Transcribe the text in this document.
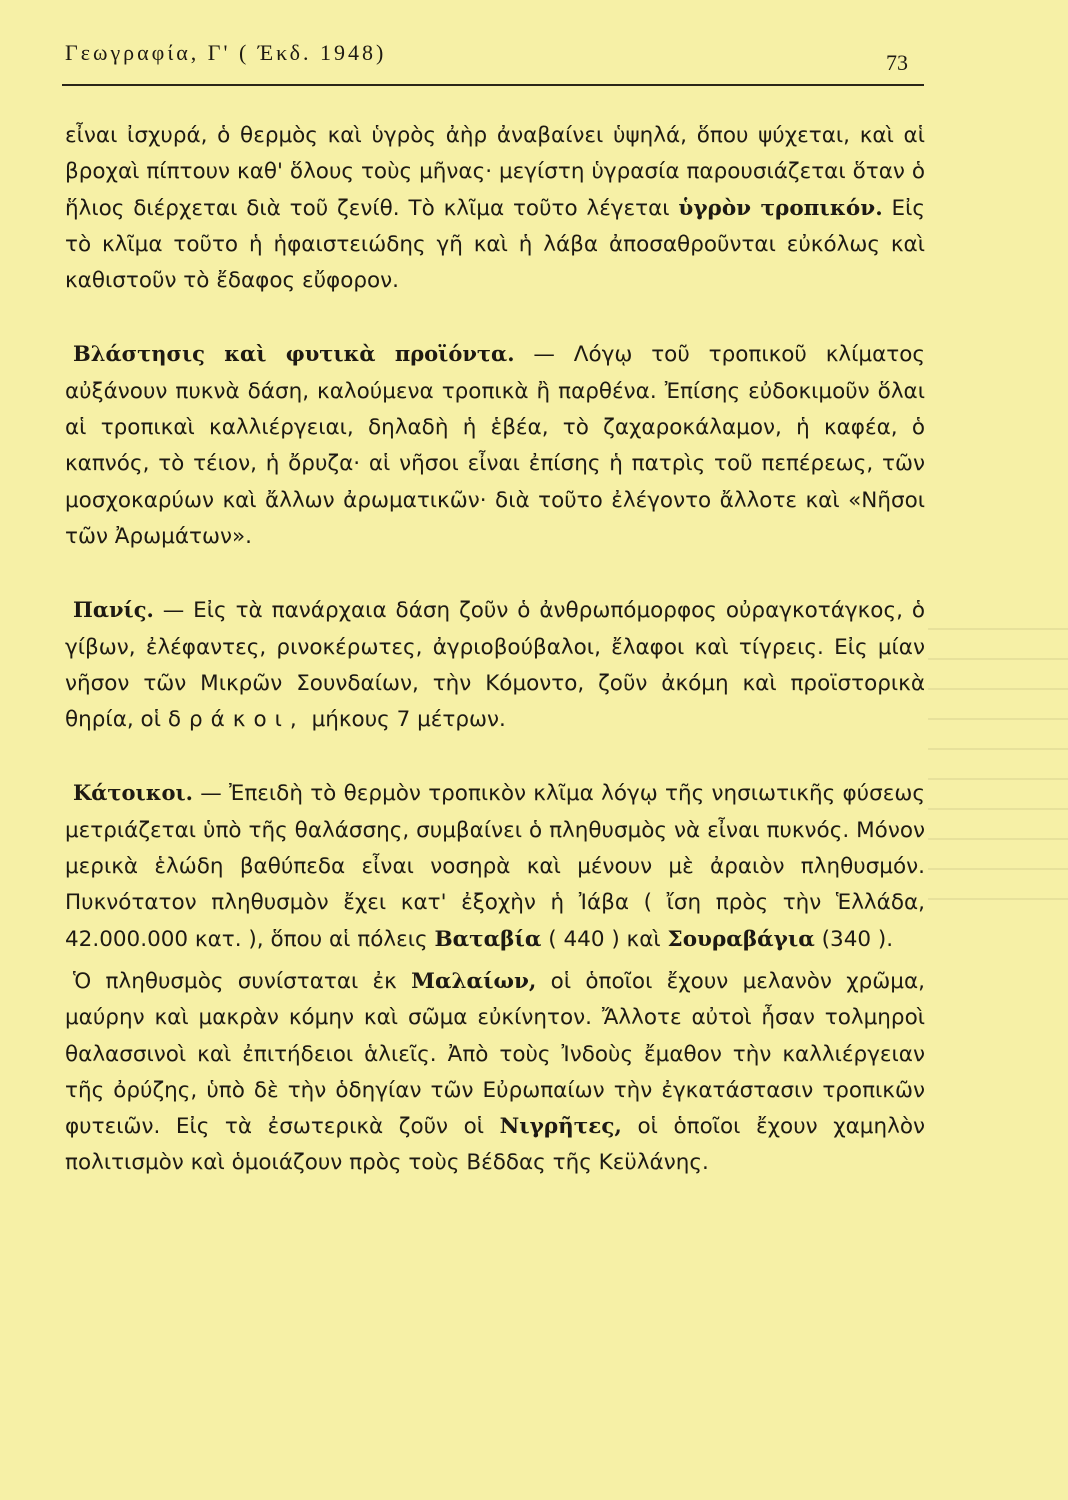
Γεωγραφία, Γ' ( Έκδ. 1948)	73

εἶναι ἰσχυρά, ὁ θερμὸς καὶ ὑγρὸς ἀὴρ ἀναβαίνει ὑψηλά, ὅπου ψύχεται, καὶ αἱ βροχαὶ πίπτουν καθ' ὅλους τοὺς μῆνας· μεγίστη ὑγρασία παρουσιάζεται ὅταν ὁ ἥλιος διέρχεται διὰ τοῦ ζενίθ. Τὸ κλῖμα τοῦτο λέγεται ὑγρὸν τροπικόν. Εἰς τὸ κλῖμα τοῦτο ἡ ἡφαιστειώδης γῆ καὶ ἡ λάβα ἀποσαθροῦνται εὐκόλως καὶ καθιστοῦν τὸ ἔδαφος εὔφορον.

Βλάστησις καὶ φυτικὰ προϊόντα. — Λόγῳ τοῦ τροπικοῦ κλίματος αὐξάνουν πυκνὰ δάση, καλούμενα τροπικὰ ἢ παρθένα. Ἐπίσης εὐδοκιμοῦν ὅλαι αἱ τροπικαὶ καλλιέργειαι, δηλαδὴ ἡ ἑβέα, τὸ ζαχαροκάλαμον, ἡ καφέα, ὁ καπνός, τὸ τέιον, ἡ ὄρυζα· αἱ νῆσοι εἶναι ἐπίσης ἡ πατρὶς τοῦ πεπέρεως, τῶν μοσχοκαρύων καὶ ἄλλων ἀρωματικῶν· διὰ τοῦτο ἐλέγοντο ἄλλοτε καὶ «Νῆσοι τῶν Ἀρωμάτων».

Πανίς. — Εἰς τὰ πανάρχαια δάση ζοῦν ὁ ἀνθρωπόμορφος οὐραγκοτάγκος, ὁ γίβων, ἐλέφαντες, ρινοκέρωτες, ἀγριοβούβαλοι, ἔλαφοι καὶ τίγρεις. Εἰς μίαν νῆσον τῶν Μικρῶν Σουνδαίων, τὴν Κόμοντο, ζοῦν ἀκόμη καὶ προϊστορικὰ θηρία, οἱ δράκοι, μήκους 7 μέτρων.

Κάτοικοι. — Ἐπειδὴ τὸ θερμὸν τροπικὸν κλῖμα λόγῳ τῆς νησιωτικῆς φύσεως μετριάζεται ὑπὸ τῆς θαλάσσης, συμβαίνει ὁ πληθυσμὸς νὰ εἶναι πυκνός. Μόνον μερικὰ ἑλώδη βαθύπεδα εἶναι νοσηρὰ καὶ μένουν μὲ ἀραιὸν πληθυσμόν. Πυκνότατον πληθυσμὸν ἔχει κατ' ἐξοχὴν ἡ Ἰάβα ( ἴση πρὸς τὴν Ἑλλάδα, 42.000.000 κατ. ), ὅπου αἱ πόλεις Βαταβία ( 440 ) καὶ Σουραβάγια (340 ).

Ὁ πληθυσμὸς συνίσταται ἐκ Μαλαίων, οἱ ὁποῖοι ἔχουν μελανὸν χρῶμα, μαύρην καὶ μακρὰν κόμην καὶ σῶμα εὐκίνητον. Ἄλλοτε αὐτοὶ ἦσαν τολμηροὶ θαλασσινοὶ καὶ ἐπιτήδειοι ἁλιεῖς. Ἀπὸ τοὺς Ἰνδοὺς ἔμαθον τὴν καλλιέργειαν τῆς ὀρύζης, ὑπὸ δὲ τὴν ὁδηγίαν τῶν Εὐρωπαίων τὴν ἐγκατάστασιν τροπικῶν φυτειῶν. Εἰς τὰ ἐσωτερικὰ ζοῦν οἱ Νιγρῆτες, οἱ ὁποῖοι ἔχουν χαμηλὸν πολιτισμὸν καὶ ὁμοιάζουν πρὸς τοὺς Βέδδας τῆς Κεϋλάνης.
